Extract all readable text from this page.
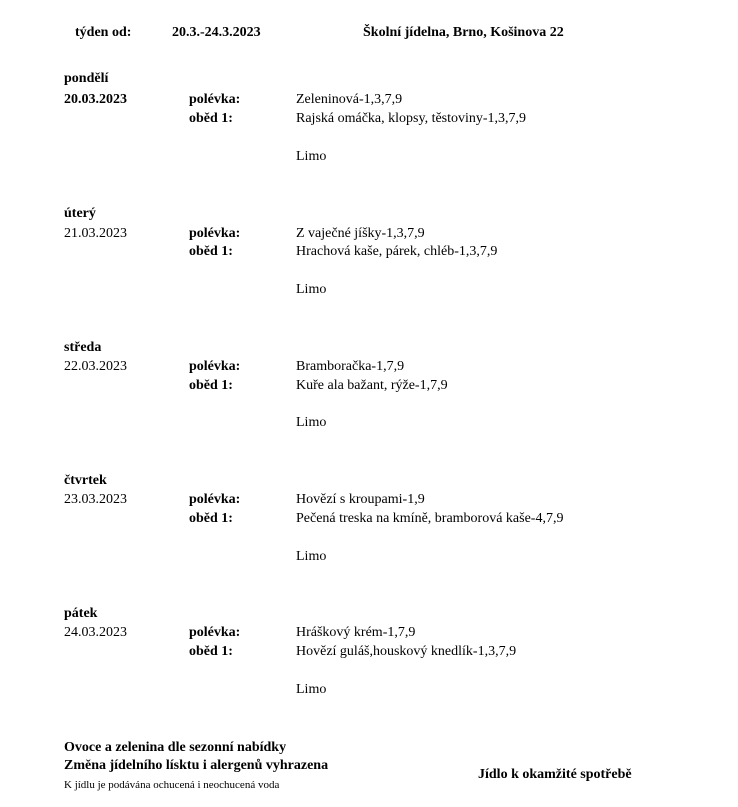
týden od:	20.3.-24.3.2023	Školní jídelna, Brno, Košinova 22
pondělí
20.03.2023	polévka:	Zeleninová-1,3,7,9
oběd 1:	Rajská omáčka, klopsy, těstoviny-1,3,7,9
Limo
úterý
21.03.2023	polévka:	Z vaječné jíšky-1,3,7,9
oběd 1:	Hrachová kaše, párek, chléb-1,3,7,9
Limo
středa
22.03.2023	polévka:	Bramboračka-1,7,9
oběd 1:	Kuře ala bažant, rýže-1,7,9
Limo
čtvrtek
23.03.2023	polévka:	Hovězí s kroupami-1,9
oběd 1:	Pečená treska na kmíně, bramborová kaše-4,7,9
Limo
pátek
24.03.2023	polévka:	Hráškový krém-1,7,9
oběd 1:	Hovězí guláš,houskový knedlík-1,3,7,9
Limo
Ovoce a zelenina dle sezonní nabídky
Změna jídelního lísktu i alergenů vyhrazena
K jídlu je podávána ochucená i neochucená voda
Jídlo k okamžité spotřebě
